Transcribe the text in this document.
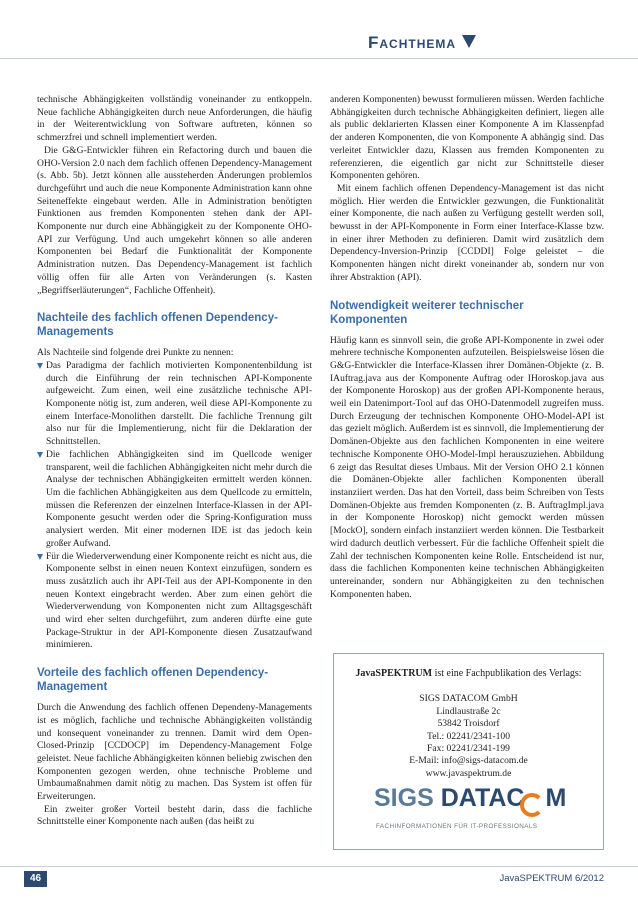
Fachthema

technische Abhängigkeiten vollständig voneinander zu entkoppeln. Neue fachliche Abhängigkeiten durch neue Anforderungen, die häufig in der Weiterentwicklung von Software auftreten, können so schmerzfrei und schnell implementiert werden.

Die G&G-Entwickler führen ein Refactoring durch und bauen die OHO-Version 2.0 nach dem fachlich offenen Dependency-Management (s. Abb. 5b). Jetzt können alle aussteherden Änderungen problemlos durchgeführt und auch die neue Komponente Administration kann ohne Seiteneffekte eingebaut werden. Alle in Administration benötigten Funktionen aus fremden Komponenten stehen dank der API-Komponente nur durch eine Abhängigkeit zu der Komponente OHO-API zur Verfügung. Und auch umgekehrt können so alle anderen Komponenten bei Bedarf die Funktionalität der Komponente Administration nutzen. Das Dependency-Management ist fachlich völlig offen für alle Arten von Veränderungen (s. Kasten „Begriffserläuterungen“, Fachliche Offenheit).

Nachteile des fachlich offenen Dependency-Managements

Als Nachteile sind folgende drei Punkte zu nennen:

Das Paradigma der fachlich motivierten Komponentenbildung ist durch die Einführung der rein technischen API-Komponente aufgeweicht. Zum einen, weil eine zusätzliche technische API-Komponente nötig ist, zum anderen, weil diese API-Komponente zu einem Interface-Monolithen darstellt. Die fachliche Trennung gilt also nur für die Implementierung, nicht für die Deklaration der Schnittstellen.
Die fachlichen Abhängigkeiten sind im Quellcode weniger transparent, weil die fachlichen Abhängigkeiten nicht mehr durch die Analyse der technischen Abhängigkeiten ermittelt werden können. Um die fachlichen Abhängigkeiten aus dem Quellcode zu ermitteln, müssen die Referenzen der einzelnen Interface-Klassen in der API-Komponente gesucht werden oder die Spring-Konfiguration muss analysiert werden. Mit einer modernen IDE ist das jedoch kein großer Aufwand.
Für die Wiederverwendung einer Komponente reicht es nicht aus, die Komponente selbst in einen neuen Kontext einzufügen, sondern es muss zusätzlich auch ihr API-Teil aus der API-Komponente in den neuen Kontext eingebracht werden. Aber zum einen gehört die Wiederverwendung von Komponenten nicht zum Alltagsgeschäft und wird eher selten durchgeführt, zum anderen dürfte eine gute Package-Struktur in der API-Komponente diesen Zusatzaufwand minimieren.
Vorteile des fachlich offenen Dependency-Management

Durch die Anwendung des fachlich offenen Dependeny-Managements ist es möglich, fachliche und technische Abhängigkeiten vollständig und konsequent voneinander zu trennen. Damit wird dem Open-Closed-Prinzip [CCDOCP] im Dependency-Management Folge geleistet. Neue fachliche Abhängigkeiten können beliebig zwischen den Komponenten gezogen werden, ohne technische Probleme und Umbaumaßnahmen damit nötig zu machen. Das System ist offen für Erweiterungen.

Ein zweiter großer Vorteil besteht darin, dass die fachliche Schnittstelle einer Komponente nach außen (das heißt zu

anderen Komponenten) bewusst formulieren müssen. Werden fachliche Abhängigkeiten durch technische Abhängigkeiten definiert, liegen alle als public deklarierten Klassen einer Komponente A im Klassenpfad der anderen Komponenten, die von Komponente A abhängig sind. Das verleitet Entwickler dazu, Klassen aus fremden Komponenten zu referenzieren, die eigentlich gar nicht zur Schnittstelle dieser Komponenten gehören.

Mit einem fachlich offenen Dependency-Management ist das nicht möglich. Hier werden die Entwickler gezwungen, die Funktionalität einer Komponente, die nach außen zu Verfügung gestellt werden soll, bewusst in der API-Komponente in Form einer Interface-Klasse bzw. in einer ihrer Methoden zu definieren. Damit wird zusätzlich dem Dependency-Inversion-Prinzip [CCDDI] Folge geleistet – die Komponenten hängen nicht direkt voneinander ab, sondern nur von ihrer Abstraktion (API).

Notwendigkeit weiterer technischer Komponenten

Häufig kann es sinnvoll sein, die große API-Komponente in zwei oder mehrere technische Komponenten aufzuteilen. Beispielsweise lösen die G&G-Entwickler die Interface-Klassen ihrer Domänen-Objekte (z. B. IAuftrag.java aus der Komponente Auftrag oder IHoroskop.java aus der Komponente Horoskop) aus der großen API-Komponente heraus, weil ein Datenimport-Tool auf das OHO-Datenmodell zugreifen muss. Durch Erzeugung der technischen Komponente OHO-Model-API ist das gezielt möglich. Außerdem ist es sinnvoll, die Implementierung der Domänen-Objekte aus den fachlichen Komponenten in eine weitere technische Komponente OHO-Model-Impl herauszuziehen. Abbildung 6 zeigt das Resultat dieses Umbaus. Mit der Version OHO 2.1 können die Domänen-Objekte aller fachlichen Komponenten überall instanziiert werden. Das hat den Vorteil, dass beim Schreiben von Tests Domänen-Objekte aus fremden Komponenten (z. B. AuftragImpl.java in der Komponente Horoskop) nicht gemockt werden müssen [MockO], sondern einfach instanziiert werden können. Die Testbarkeit wird dadurch deutlich verbessert. Für die fachliche Offenheit spielt die Zahl der technischen Komponenten keine Rolle. Entscheidend ist nur, dass die fachlichen Komponenten keine technischen Abhängigkeiten untereinander, sondern nur Abhängigkeiten zu den technischen Komponenten haben.

JavaSPEKTRUM ist eine Fachpublikation des Verlags:
SIGS DATACOM GmbH
Lindlaustraße 2c
53842 Troisdorf
Tel.: 02241/2341-100
Fax: 02241/2341-199
E-Mail: info@sigs-datacom.de
www.javaspektrum.de
SIGS DATAC M
FACHINFORMATIONEN FÜR IT-PROFESSIONALS
46	JavaSPEKTRUM 6/2012
